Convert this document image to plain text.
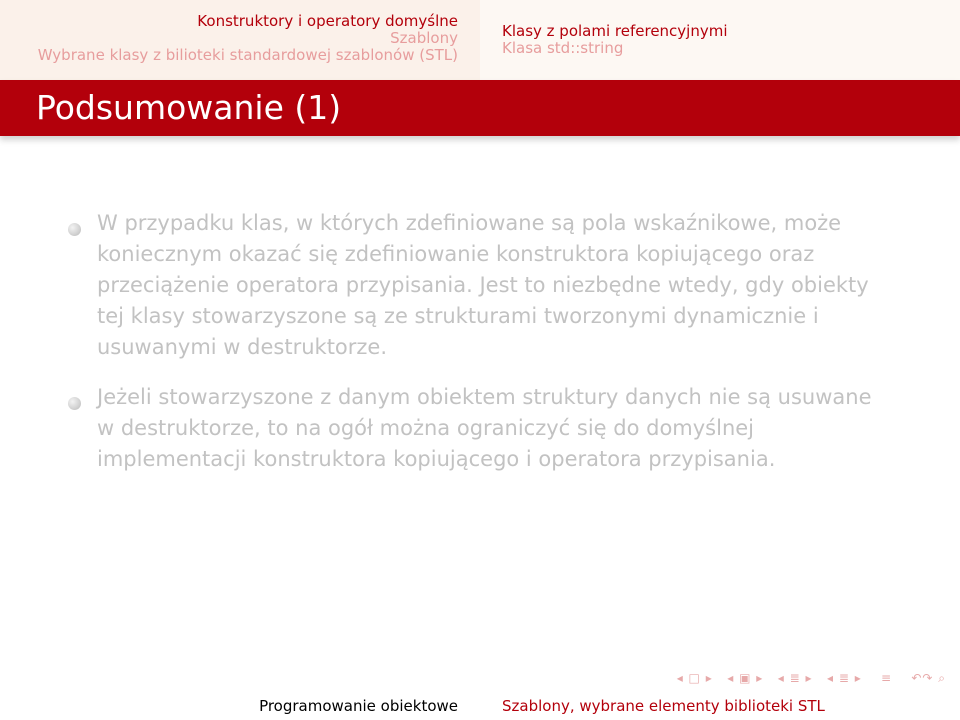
Konstruktory i operatory domyślne
Szablony
Wybrane klasy z bilioteki standardowej szablonów (STL)
Klasy z polami referencyjnymi
Klasa std::string
Podsumowanie (1)

W przypadku klas, w których zdefiniowane są pola wskaźnikowe, może koniecznym okazać się zdefiniowanie konstruktora kopiującego oraz przeciążenie operatora przypisania. Jest to niezbędne wtedy, gdy obiekty tej klasy stowarzyszone są ze strukturami tworzonymi dynamicznie i usuwanymi w destruktorze.

Jeżeli stowarzyszone z danym obiektem struktury danych nie są usuwane w destruktorze, to na ogół można ograniczyć się do domyślnej implementacji konstruktora kopiującego i operatora przypisania.

◂ □ ▸ ◂ ▣ ▸ ◂ ≣ ▸ ◂ ≣ ▸ ≡ ↶↷ ⌕
Programowanie obiektowe	Szablony, wybrane elementy biblioteki STL
